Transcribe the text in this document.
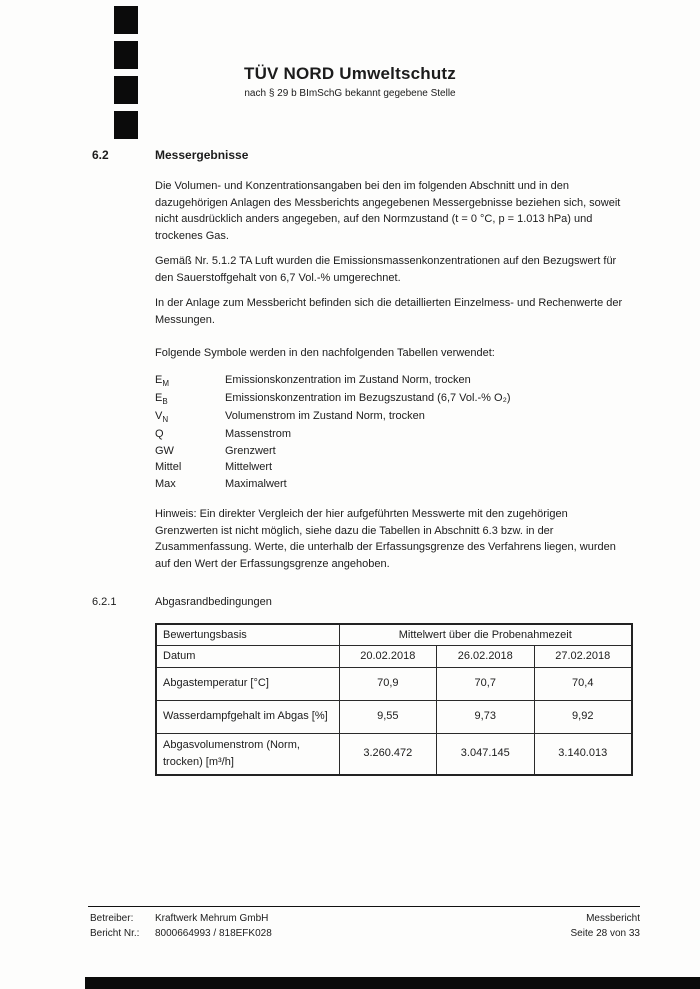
TÜV NORD Umweltschutz
nach § 29 b BImSchG bekannt gegebene Stelle
6.2	Messergebnisse

Die Volumen- und Konzentrationsangaben bei den im folgenden Abschnitt und in den dazugehörigen Anlagen des Messberichts angegebenen Messergebnisse beziehen sich, soweit nicht ausdrücklich anders angegeben, auf den Normzustand (t = 0 °C, p = 1.013 hPa) und trockenes Gas.

Gemäß Nr. 5.1.2 TA Luft wurden die Emissionsmassenkonzentrationen auf den Bezugswert für den Sauerstoffgehalt von 6,7 Vol.-% umgerechnet.

In der Anlage zum Messbericht befinden sich die detaillierten Einzelmess- und Rechenwerte der Messungen.

Folgende Symbole werden in den nachfolgenden Tabellen verwendet:

$E_M$	Emissionskonzentration im Zustand Norm, trocken
$E_B$	Emissionskonzentration im Bezugszustand (6,7 Vol.-% O₂)
$V_N$	Volumenstrom im Zustand Norm, trocken
Q	Massenstrom
GW	Grenzwert
Mittel	Mittelwert
Max	Maximalwert

Hinweis: Ein direkter Vergleich der hier aufgeführten Messwerte mit den zugehörigen Grenzwerten ist nicht möglich, siehe dazu die Tabellen in Abschnitt 6.3 bzw. in der Zusammenfassung. Werte, die unterhalb der Erfassungsgrenze des Verfahrens liegen, wurden auf den Wert der Erfassungsgrenze angehoben.

6.2.1	Abgasrandbedingungen
Bewertungsbasis	Mittelwert über die Probenahmezeit		
Datum	20.02.2018	26.02.2018	27.02.2018
Abgastemperatur [°C]	70,9	70,7	70,4
Wasserdampfgehalt im Abgas [%]	9,55	9,73	9,92
Abgasvolumenstrom (Norm, trocken) [m³/h]	3.260.472	3.047.145	3.140.013
Betreiber:
Bericht Nr.:
Kraftwerk Mehrum GmbH
8000664993 / 818EFK028
Messbericht
Seite 28 von 33
